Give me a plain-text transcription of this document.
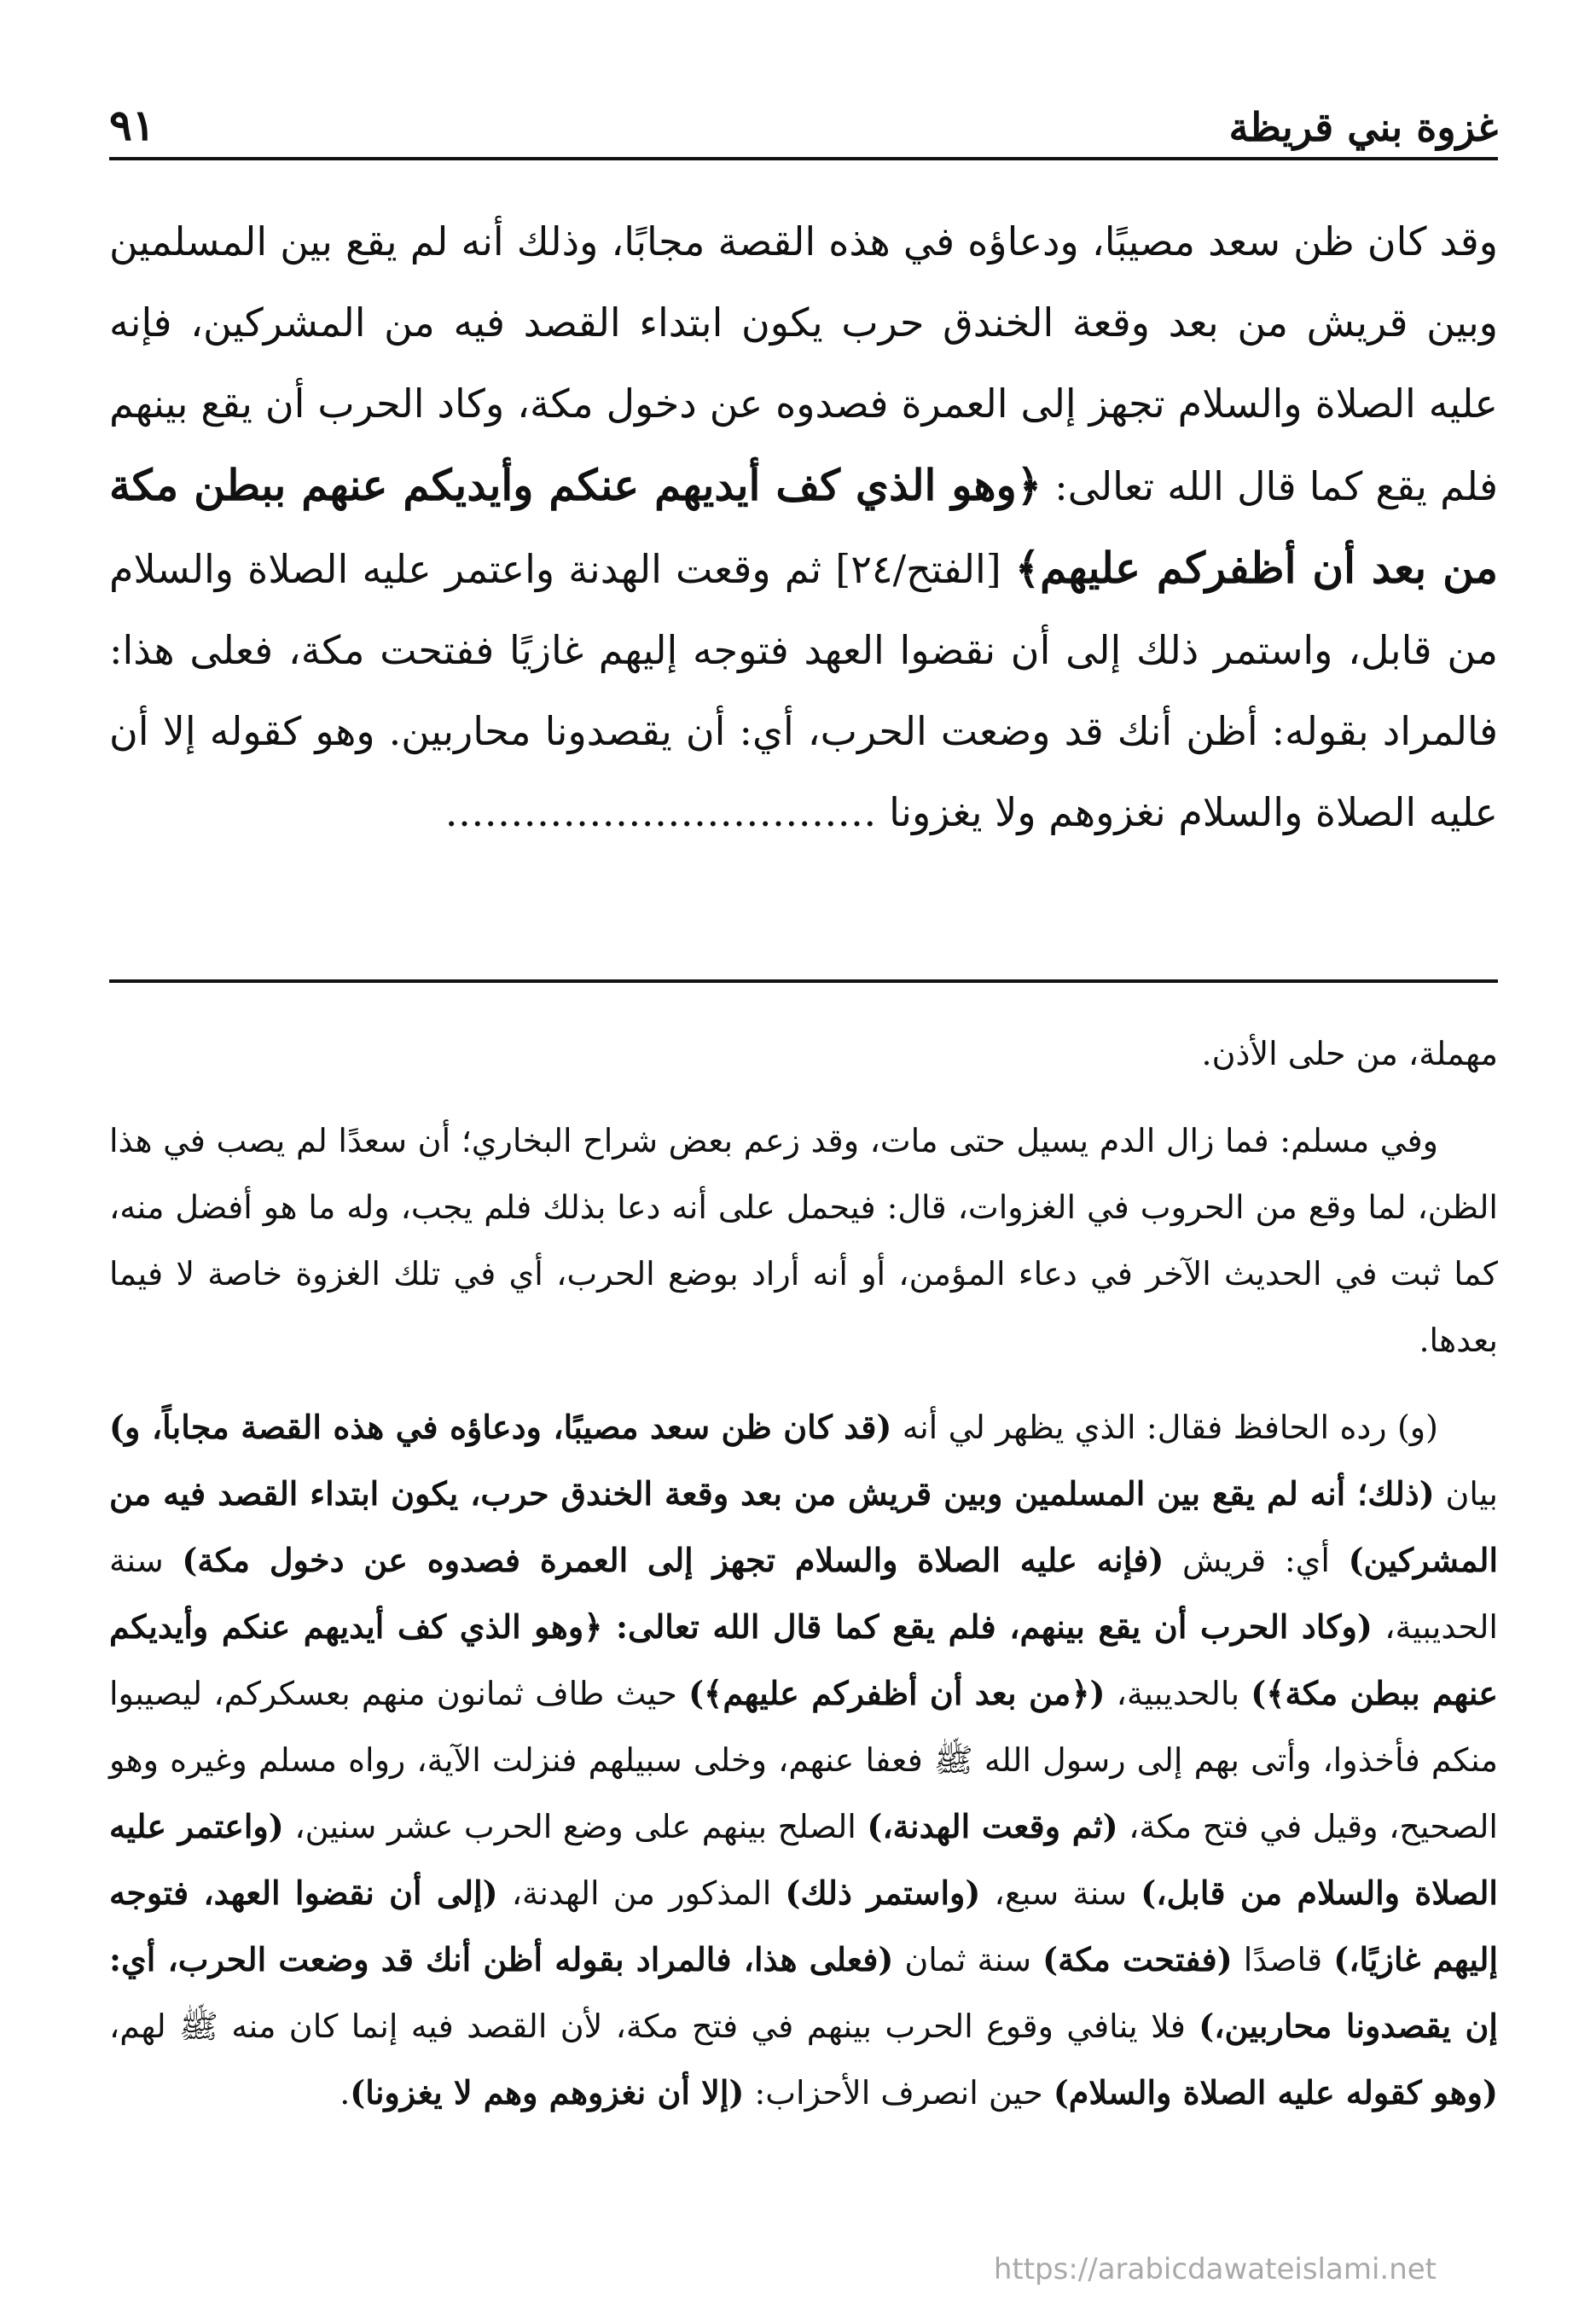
غزوة بني قريظة
٩١
وقد كان ظن سعد مصيبًا، ودعاؤه في هذه القصة مجابًا، وذلك أنه لم يقع بين المسلمين وبين قريش من بعد وقعة الخندق حرب يكون ابتداء القصد فيه من المشركين، فإنه عليه الصلاة والسلام تجهز إلى العمرة فصدوه عن دخول مكة، وكاد الحرب أن يقع بينهم فلم يقع كما قال الله تعالى: ﴿وهو الذي كف أيديهم عنكم وأيديكم عنهم ببطن مكة من بعد أن أظفركم عليهم﴾ [الفتح/٢٤] ثم وقعت الهدنة واعتمر عليه الصلاة والسلام من قابل، واستمر ذلك إلى أن نقضوا العهد فتوجه إليهم غازيًا ففتحت مكة، فعلى هذا: فالمراد بقوله: أظن أنك قد وضعت الحرب، أي: أن يقصدونا محاربين. وهو كقوله إلا أن عليه الصلاة والسلام نغزوهم ولا يغزونا ……………………………

مهملة، من حلى الأذن.

وفي مسلم: فما زال الدم يسيل حتى مات، وقد زعم بعض شراح البخاري؛ أن سعدًا لم يصب في هذا الظن، لما وقع من الحروب في الغزوات، قال: فيحمل على أنه دعا بذلك فلم يجب، وله ما هو أفضل منه، كما ثبت في الحديث الآخر في دعاء المؤمن، أو أنه أراد بوضع الحرب، أي في تلك الغزوة خاصة لا فيما بعدها.

(و) رده الحافظ فقال: الذي يظهر لي أنه (قد كان ظن سعد مصيبًا، ودعاؤه في هذه القصة مجاباً، و) بيان (ذلك؛ أنه لم يقع بين المسلمين وبين قريش من بعد وقعة الخندق حرب، يكون ابتداء القصد فيه من المشركين) أي: قريش (فإنه عليه الصلاة والسلام تجهز إلى العمرة فصدوه عن دخول مكة) سنة الحديبية، (وكاد الحرب أن يقع بينهم، فلم يقع كما قال الله تعالى: ﴿وهو الذي كف أيديهم عنكم وأيديكم عنهم ببطن مكة﴾) بالحديبية، (﴿من بعد أن أظفركم عليهم﴾) حيث طاف ثمانون منهم بعسكركم، ليصيبوا منكم فأخذوا، وأتى بهم إلى رسول الله ﷺ فعفا عنهم، وخلى سبيلهم فنزلت الآية، رواه مسلم وغيره وهو الصحيح، وقيل في فتح مكة، (ثم وقعت الهدنة،) الصلح بينهم على وضع الحرب عشر سنين، (واعتمر عليه الصلاة والسلام من قابل،) سنة سبع، (واستمر ذلك) المذكور من الهدنة، (إلى أن نقضوا العهد، فتوجه إليهم غازيًا،) قاصدًا (ففتحت مكة) سنة ثمان (فعلى هذا، فالمراد بقوله أظن أنك قد وضعت الحرب، أي: إن يقصدونا محاربين،) فلا ينافي وقوع الحرب بينهم في فتح مكة، لأن القصد فيه إنما كان منه ﷺ لهم، (وهو كقوله عليه الصلاة والسلام) حين انصرف الأحزاب: (إلا أن نغزوهم وهم لا يغزونا).

https://arabicdawateislami.net
